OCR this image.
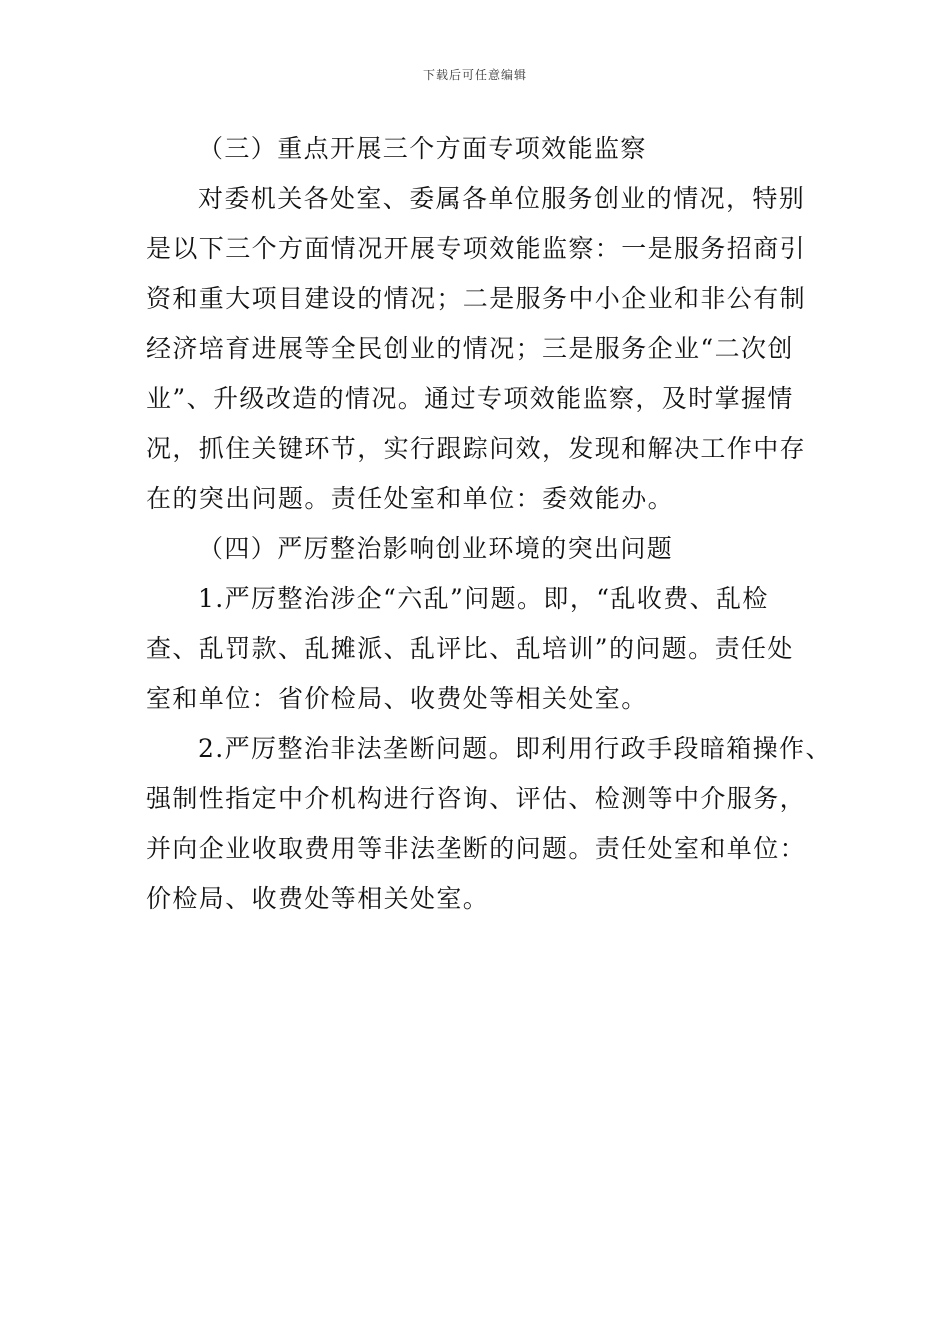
下载后可任意编辑
（三）重点开展三个方面专项效能监察
对委机关各处室、委属各单位服务创业的情况，特别
是以下三个方面情况开展专项效能监察：一是服务招商引
资和重大项目建设的情况；二是服务中小企业和非公有制
经济培育进展等全民创业的情况；三是服务企业“二次创
业”、升级改造的情况。通过专项效能监察，及时掌握情
况，抓住关键环节，实行跟踪问效，发现和解决工作中存
在的突出问题。责任处室和单位：委效能办。
（四）严厉整治影响创业环境的突出问题
1.严厉整治涉企“六乱”问题。即，“乱收费、乱检
查、乱罚款、乱摊派、乱评比、乱培训”的问题。责任处
室和单位：省价检局、收费处等相关处室。
2.严厉整治非法垄断问题。即利用行政手段暗箱操作、
强制性指定中介机构进行咨询、评估、检测等中介服务，
并向企业收取费用等非法垄断的问题。责任处室和单位：
价检局、收费处等相关处室。
